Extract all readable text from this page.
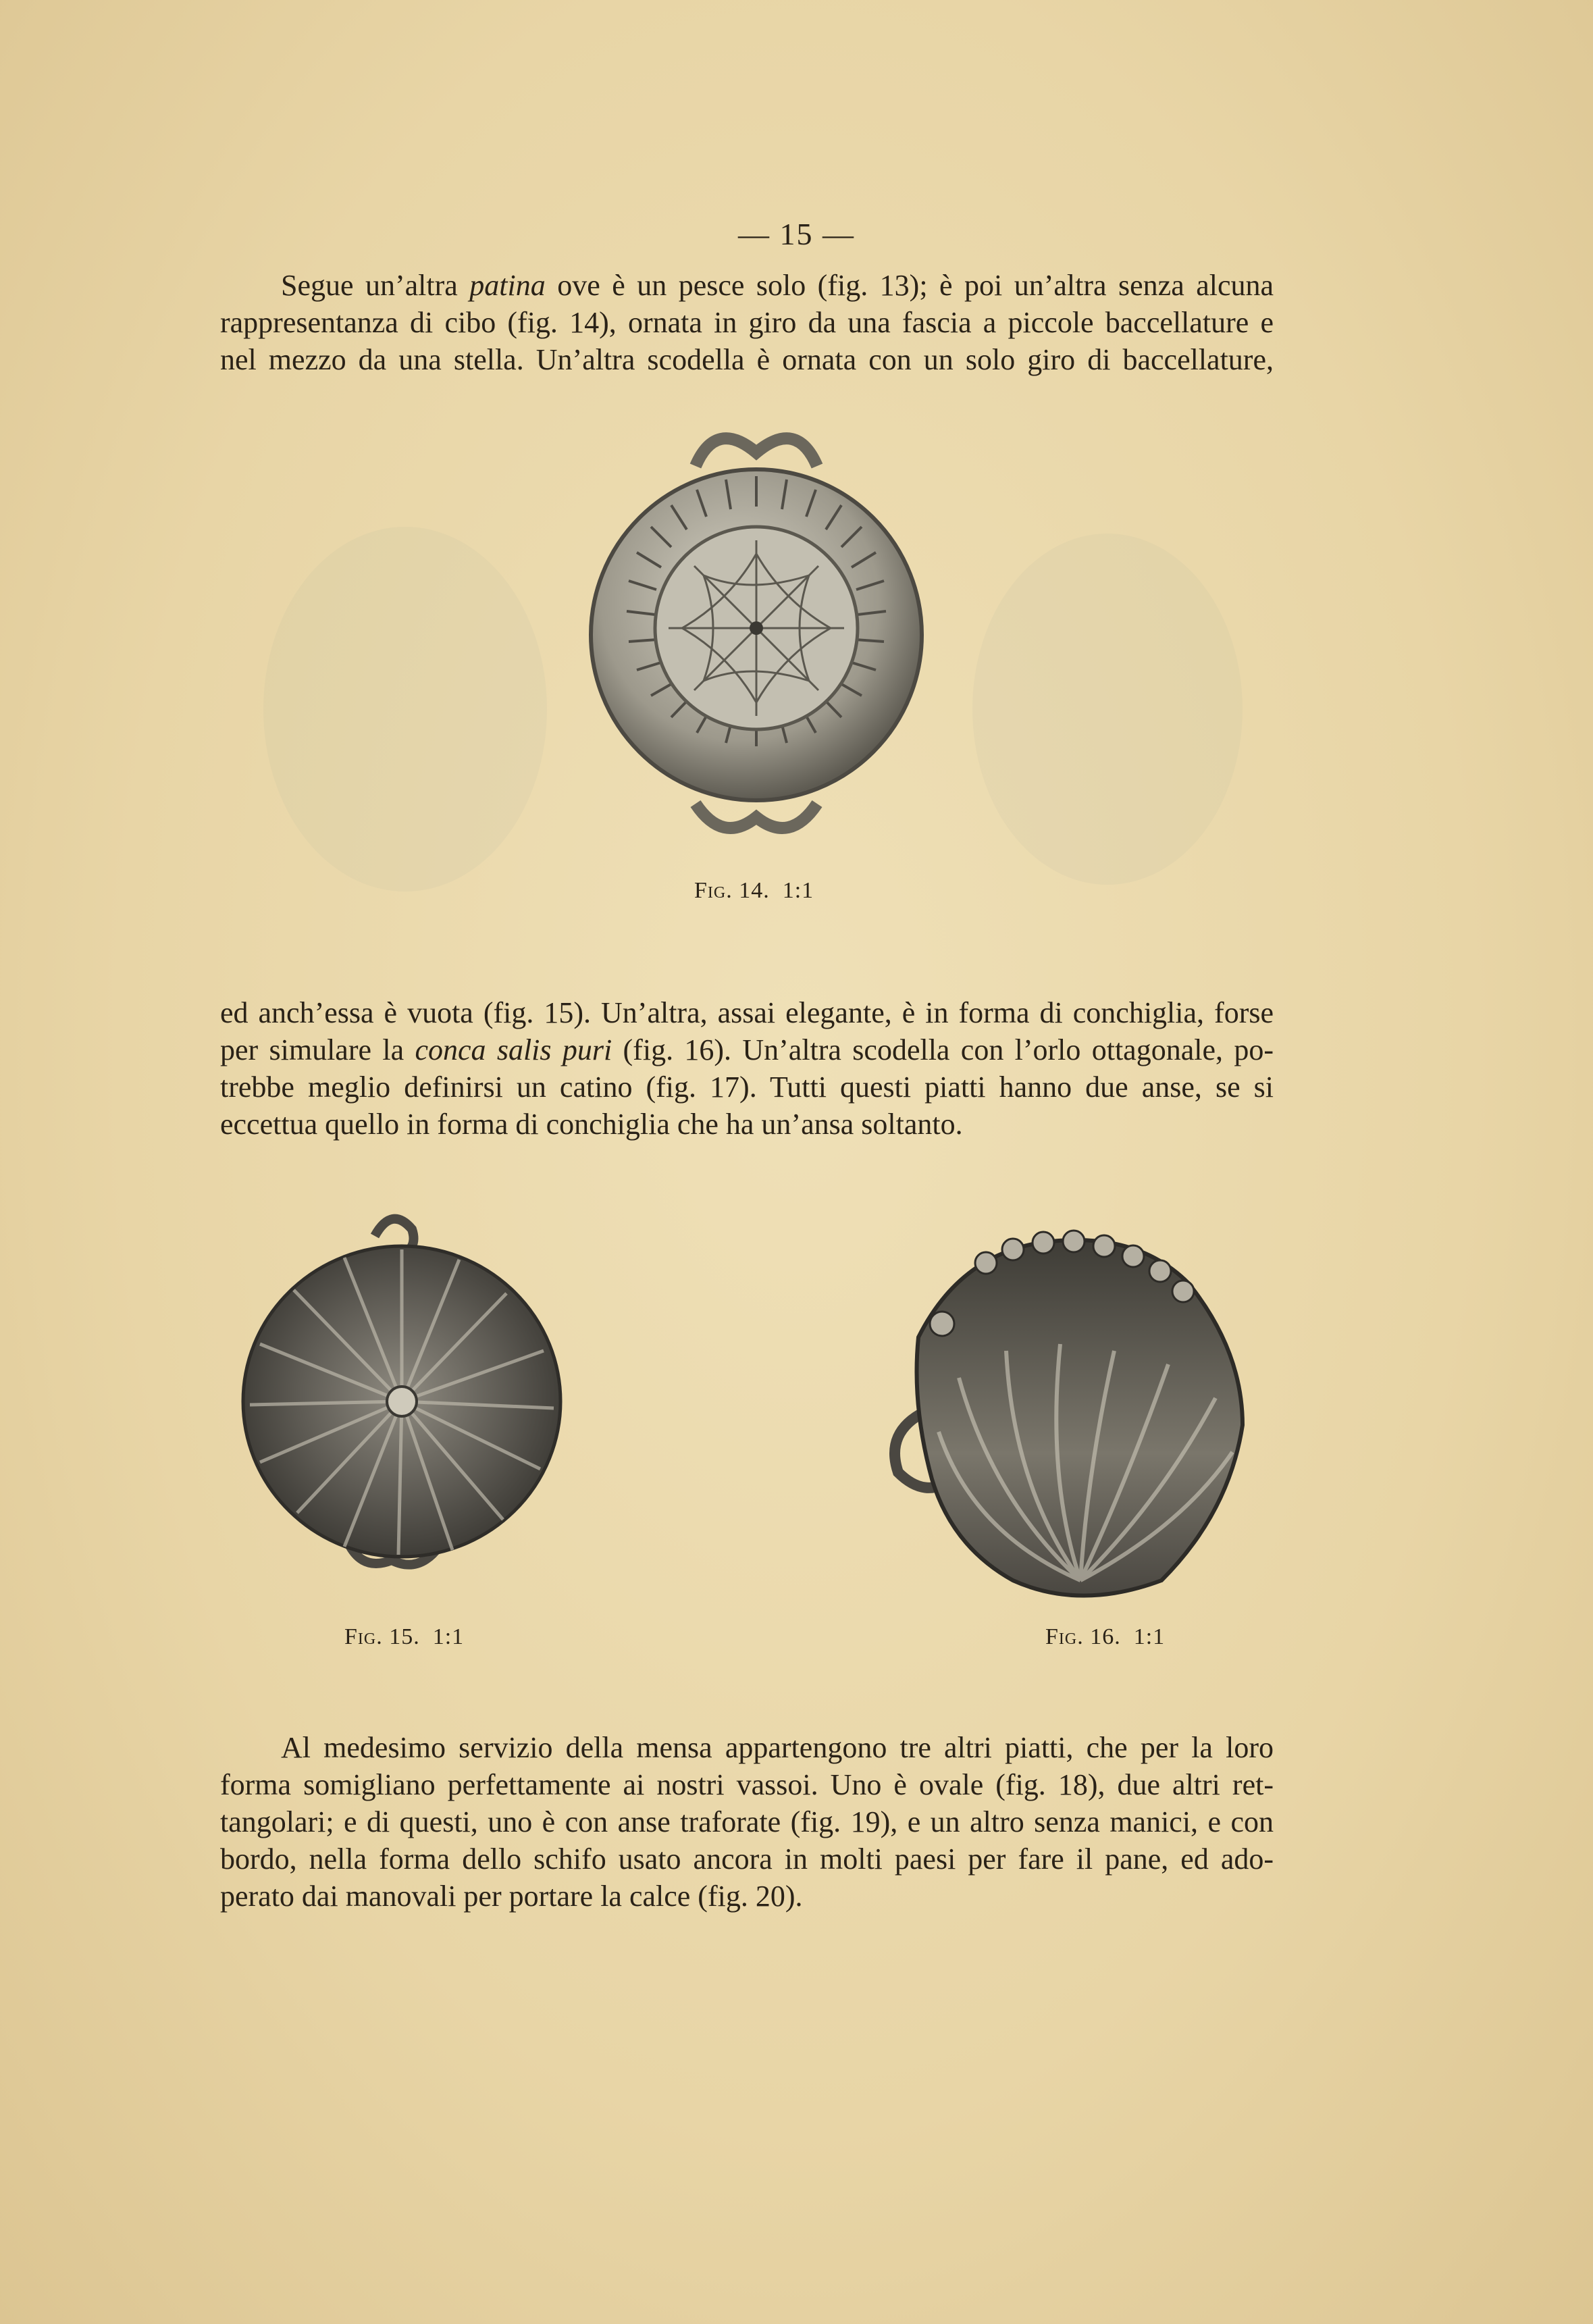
— 15 —

Segue un’altra patina ove è un pesce solo (fig. 13); è poi un’altra senza alcuna
rappresentanza di cibo (fig. 14), ornata in giro da una fascia a piccole baccellature e
nel mezzo da una stella. Un’altra scodella è ornata con un solo giro di baccellature,

Fig. 14. 1:1

ed anch’essa è vuota (fig. 15). Un’altra, assai elegante, è in forma di conchiglia, forse
per simulare la conca salis puri (fig. 16). Un’altra scodella con l’orlo ottagonale, po-
trebbe meglio definirsi un catino (fig. 17). Tutti questi piatti hanno due anse, se si
eccettua quello in forma di conchiglia che ha un’ansa soltanto.

Fig. 15. 1:1	Fig. 16. 1:1

Al medesimo servizio della mensa appartengono tre altri piatti, che per la loro
forma somigliano perfettamente ai nostri vassoi. Uno è ovale (fig. 18), due altri ret-
tangolari; e di questi, uno è con anse traforate (fig. 19), e un altro senza manici, e con
bordo, nella forma dello schifo usato ancora in molti paesi per fare il pane, ed ado-
perato dai manovali per portare la calce (fig. 20).
